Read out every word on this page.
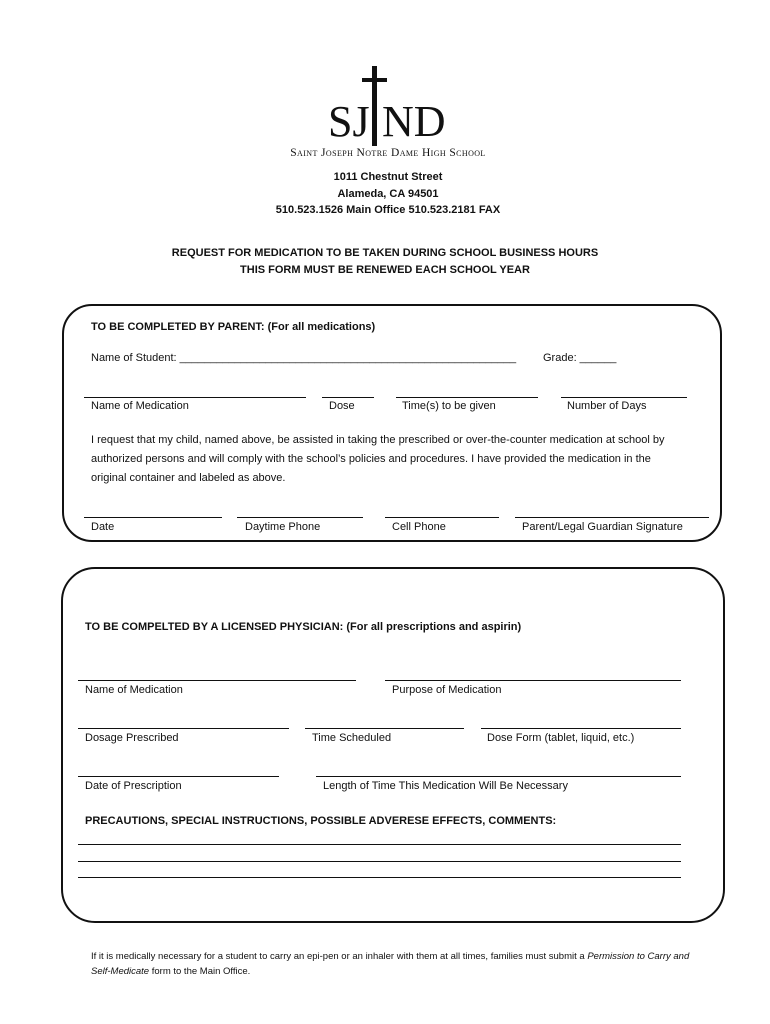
SJ ND
Saint Joseph Notre Dame High School
1011 Chestnut Street
Alameda, CA 94501
510.523.1526 Main Office 510.523.2181 FAX
REQUEST FOR MEDICATION TO BE TAKEN DURING SCHOOL BUSINESS HOURS
THIS FORM MUST BE RENEWED EACH SCHOOL YEAR
TO BE COMPLETED BY PARENT: (For all medications)
Name of Student: _______________________________________________________ Grade: ______
Name of Medication	Dose	Time(s) to be given	Number of Days
I request that my child, named above, be assisted in taking the prescribed or over-the-counter medication at school by authorized persons and will comply with the school’s policies and procedures. I have provided the medication in the original container and labeled as above.
Date	Daytime Phone	Cell Phone	Parent/Legal Guardian Signature
TO BE COMPELTED BY A LICENSED PHYSICIAN: (For all prescriptions and aspirin)
Name of Medication	Purpose of Medication
Dosage Prescribed	Time Scheduled	Dose Form (tablet, liquid, etc.)
Date of Prescription	Length of Time This Medication Will Be Necessary
PRECAUTIONS, SPECIAL INSTRUCTIONS, POSSIBLE ADVERESE EFFECTS, COMMENTS:
If it is medically necessary for a student to carry an epi-pen or an inhaler with them at all times, families must submit a Permission to Carry and Self-Medicate form to the Main Office.
